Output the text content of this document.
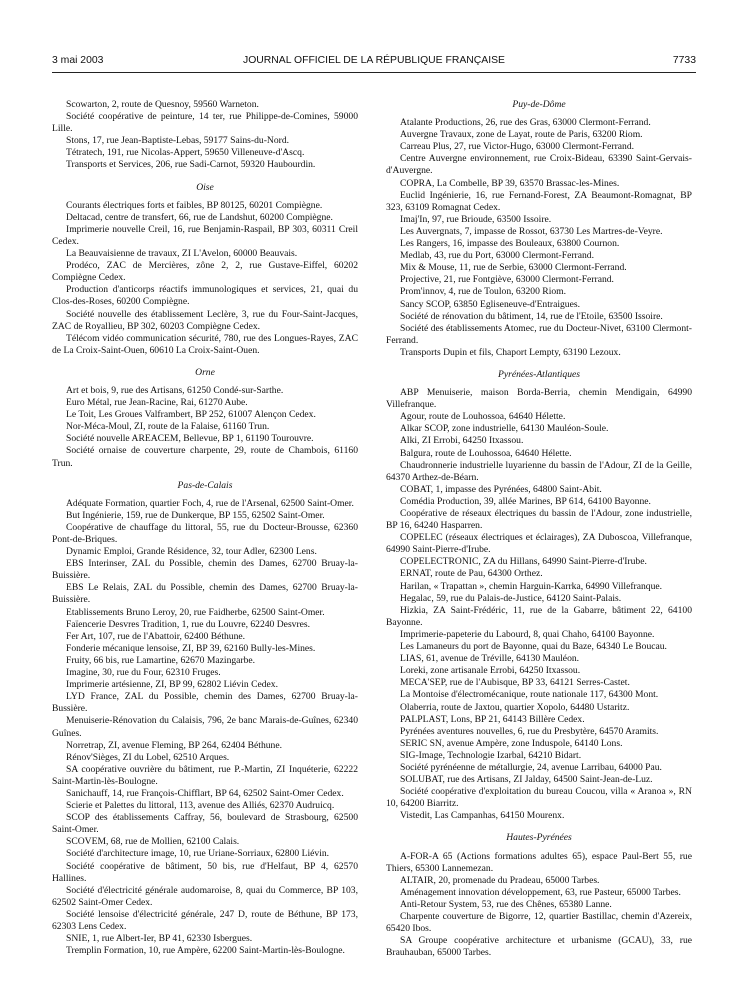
3 mai 2003	JOURNAL OFFICIEL DE LA RÉPUBLIQUE FRANÇAISE	7733

Scowarton, 2, route de Quesnoy, 59560 Warneton.

Société coopérative de peinture, 14 ter, rue Philippe-de-Comines, 59000 Lille.

Stons, 17, rue Jean-Baptiste-Lebas, 59177 Sains-du-Nord.

Tétratech, 191, rue Nicolas-Appert, 59650 Villeneuve-d'Ascq.

Transports et Services, 206, rue Sadi-Carnot, 59320 Haubourdin.

Oise

Courants électriques forts et faibles, BP 80125, 60201 Compiègne.

Deltacad, centre de transfert, 66, rue de Landshut, 60200 Compiègne.

Imprimerie nouvelle Creil, 16, rue Benjamin-Raspail, BP 303, 60311 Creil Cedex.

La Beauvaisienne de travaux, ZI L'Avelon, 60000 Beauvais.

Prodéco, ZAC de Mercières, zône 2, 2, rue Gustave-Eiffel, 60202 Compiègne Cedex.

Production d'anticorps réactifs immunologiques et services, 21, quai du Clos-des-Roses, 60200 Compiègne.

Société nouvelle des établissement Leclère, 3, rue du Four-Saint-Jacques, ZAC de Royallieu, BP 302, 60203 Compiègne Cedex.

Télécom vidéo communication sécurité, 780, rue des Longues-Rayes, ZAC de La Croix-Saint-Ouen, 60610 La Croix-Saint-Ouen.

Orne

Art et bois, 9, rue des Artisans, 61250 Condé-sur-Sarthe.

Euro Métal, rue Jean-Racine, Rai, 61270 Aube.

Le Toit, Les Groues Valframbert, BP 252, 61007 Alençon Cedex.

Nor-Méca-Moul, ZI, route de la Falaise, 61160 Trun.

Société nouvelle AREACEM, Bellevue, BP 1, 61190 Tourouvre.

Société ornaise de couverture charpente, 29, route de Chambois, 61160 Trun.

Pas-de-Calais

Adéquate Formation, quartier Foch, 4, rue de l'Arsenal, 62500 Saint-Omer.

But Ingénierie, 159, rue de Dunkerque, BP 155, 62502 Saint-Omer.

Coopérative de chauffage du littoral, 55, rue du Docteur-Brousse, 62360 Pont-de-Briques.

Dynamic Emploi, Grande Résidence, 32, tour Adler, 62300 Lens.

EBS Interinser, ZAL du Possible, chemin des Dames, 62700 Bruay-la-Buissière.

EBS Le Relais, ZAL du Possible, chemin des Dames, 62700 Bruay-la-Buissière.

Etablissements Bruno Leroy, 20, rue Faidherbe, 62500 Saint-Omer.

Faïencerie Desvres Tradition, 1, rue du Louvre, 62240 Desvres.

Fer Art, 107, rue de l'Abattoir, 62400 Béthune.

Fonderie mécanique lensoise, ZI, BP 39, 62160 Bully-les-Mines.

Fruity, 66 bis, rue Lamartine, 62670 Mazingarbe.

Imagine, 30, rue du Four, 62310 Fruges.

Imprimerie artésienne, ZI, BP 99, 62802 Liévin Cedex.

LYD France, ZAL du Possible, chemin des Dames, 62700 Bruay-la-Bussière.

Menuiserie-Rénovation du Calaisis, 796, 2e banc Marais-de-Guînes, 62340 Guînes.

Norretrap, ZI, avenue Fleming, BP 264, 62404 Béthune.

Rénov'Sièges, ZI du Lobel, 62510 Arques.

SA coopérative ouvrière du bâtiment, rue P.-Martin, ZI Inquéterie, 62222 Saint-Martin-lès-Boulogne.

Sanichauff, 14, rue François-Chifflart, BP 64, 62502 Saint-Omer Cedex.

Scierie et Palettes du littoral, 113, avenue des Alliés, 62370 Audruicq.

SCOP des établissements Caffray, 56, boulevard de Strasbourg, 62500 Saint-Omer.

SCOVEM, 68, rue de Mollien, 62100 Calais.

Société d'architecture image, 10, rue Uriane-Sorriaux, 62800 Liévin.

Société coopérative de bâtiment, 50 bis, rue d'Helfaut, BP 4, 62570 Hallines.

Société d'électricité générale audomaroise, 8, quai du Commerce, BP 103, 62502 Saint-Omer Cedex.

Société lensoise d'électricité générale, 247 D, route de Béthune, BP 173, 62303 Lens Cedex.

SNIE, 1, rue Albert-Ier, BP 41, 62330 Isbergues.

Tremplin Formation, 10, rue Ampère, 62200 Saint-Martin-lès-Boulogne.

Puy-de-Dôme

Atalante Productions, 26, rue des Gras, 63000 Clermont-Ferrand.

Auvergne Travaux, zone de Layat, route de Paris, 63200 Riom.

Carreau Plus, 27, rue Victor-Hugo, 63000 Clermont-Ferrand.

Centre Auvergne environnement, rue Croix-Bideau, 63390 Saint-Gervais-d'Auvergne.

COPRA, La Combelle, BP 39, 63570 Brassac-les-Mines.

Euclid Ingénierie, 16, rue Fernand-Forest, ZA Beaumont-Romagnat, BP 323, 63109 Romagnat Cedex.

Imaj'In, 97, rue Brioude, 63500 Issoire.

Les Auvergnats, 7, impasse de Rossot, 63730 Les Martres-de-Veyre.

Les Rangers, 16, impasse des Bouleaux, 63800 Cournon.

Medlab, 43, rue du Port, 63000 Clermont-Ferrand.

Mix & Mouse, 11, rue de Serbie, 63000 Clermont-Ferrand.

Projective, 21, rue Fontgiève, 63000 Clermont-Ferrand.

Prom'innov, 4, rue de Toulon, 63200 Riom.

Sancy SCOP, 63850 Egliseneuve-d'Entraigues.

Société de rénovation du bâtiment, 14, rue de l'Etoile, 63500 Issoire.

Société des établissements Atomec, rue du Docteur-Nivet, 63100 Clermont-Ferrand.

Transports Dupin et fils, Chaport Lempty, 63190 Lezoux.

Pyrénées-Atlantiques

ABP Menuiserie, maison Borda-Berria, chemin Mendigain, 64990 Villefranque.

Agour, route de Louhossoa, 64640 Hélette.

Alkar SCOP, zone industrielle, 64130 Mauléon-Soule.

Alki, ZI Errobi, 64250 Itxassou.

Balgura, route de Louhossoa, 64640 Hélette.

Chaudronnerie industrielle luyarienne du bassin de l'Adour, ZI de la Geille, 64370 Arthez-de-Béarn.

COBAT, 1, impasse des Pyrénées, 64800 Saint-Abit.

Comédia Production, 39, allée Marines, BP 614, 64100 Bayonne.

Coopérative de réseaux électriques du bassin de l'Adour, zone industrielle, BP 16, 64240 Hasparren.

COPELEC (réseaux électriques et éclairages), ZA Duboscoa, Villefranque, 64990 Saint-Pierre-d'Irube.

COPELECTRONIC, ZA du Hillans, 64990 Saint-Pierre-d'Irube.

ERNAT, route de Pau, 64300 Orthez.

Harilan, « Trapattan », chemin Harguin-Karrka, 64990 Villefranque.

Hegalac, 59, rue du Palais-de-Justice, 64120 Saint-Palais.

Hizkia, ZA Saint-Frédéric, 11, rue de la Gabarre, bâtiment 22, 64100 Bayonne.

Imprimerie-papeterie du Labourd, 8, quai Chaho, 64100 Bayonne.

Les Lamaneurs du port de Bayonne, quai du Baze, 64340 Le Boucau.

LIAS, 61, avenue de Tréville, 64130 Mauléon.

Loreki, zone artisanale Errobi, 64250 Itxassou.

MECA'SEP, rue de l'Aubisque, BP 33, 64121 Serres-Castet.

La Montoise d'électromécanique, route nationale 117, 64300 Mont.

Olaberria, route de Jaxtou, quartier Xopolo, 64480 Ustaritz.

PALPLAST, Lons, BP 21, 64143 Billère Cedex.

Pyrénées aventures nouvelles, 6, rue du Presbytère, 64570 Aramits.

SERIC SN, avenue Ampère, zone Induspole, 64140 Lons.

SIG-Image, Technologie Izarbal, 64210 Bidart.

Société pyrénéenne de métallurgie, 24, avenue Larribau, 64000 Pau.

SOLUBAT, rue des Artisans, ZI Jalday, 64500 Saint-Jean-de-Luz.

Société coopérative d'exploitation du bureau Coucou, villa « Aranoa », RN 10, 64200 Biarritz.

Vistedit, Las Campanhas, 64150 Mourenx.

Hautes-Pyrénées

A-FOR-A 65 (Actions formations adultes 65), espace Paul-Bert 55, rue Thiers, 65300 Lannemezan.

ALTAIR, 20, promenade du Pradeau, 65000 Tarbes.

Aménagement innovation développement, 63, rue Pasteur, 65000 Tarbes.

Anti-Retour System, 53, rue des Chênes, 65380 Lanne.

Charpente couverture de Bigorre, 12, quartier Bastillac, chemin d'Azereix, 65420 Ibos.

SA Groupe coopérative architecture et urbanisme (GCAU), 33, rue Brauhauban, 65000 Tarbes.
